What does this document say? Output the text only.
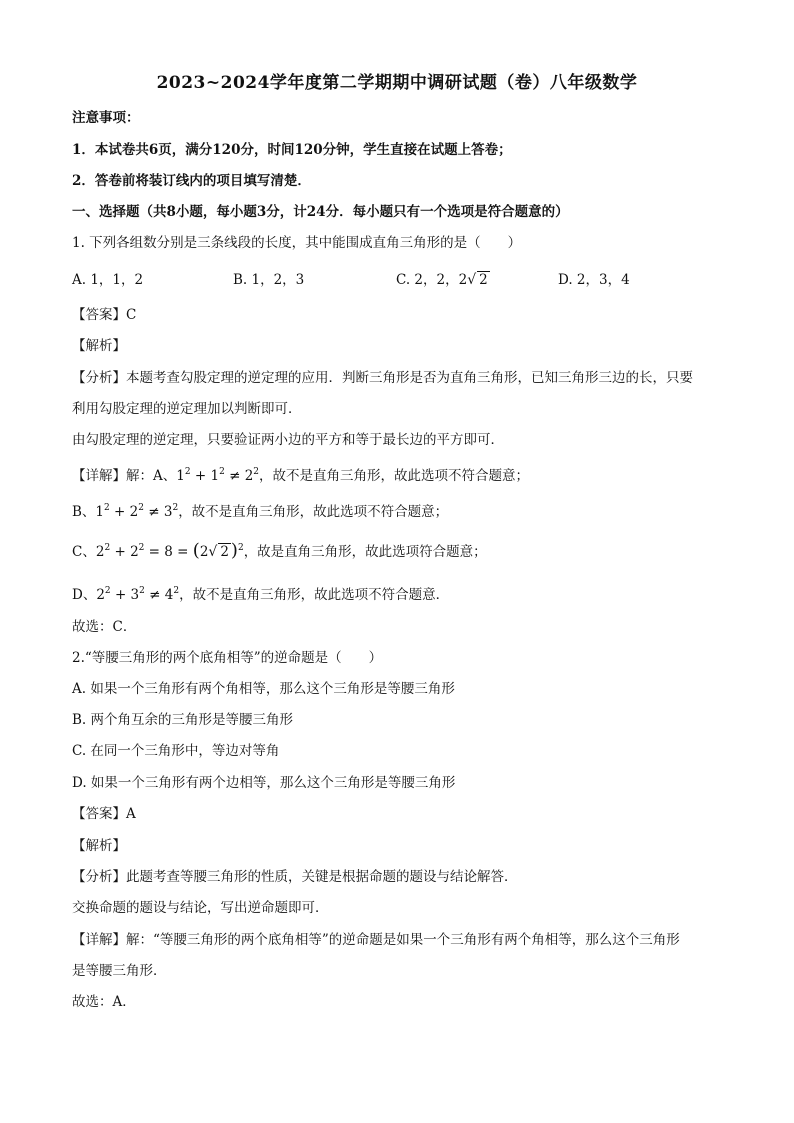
2023~2024学年度第二学期期中调研试题（卷）八年级数学
注意事项：
1．本试卷共6页，满分120分，时间120分钟，学生直接在试题上答卷；
2．答卷前将装订线内的项目填写清楚．
一、选择题（共8小题，每小题3分，计24分．每小题只有一个选项是符合题意的）
1. 下列各组数分别是三条线段的长度，其中能围成直角三角形的是（　　）
A. 1，1，2	B. 1，2，3	C. 2，2，2√ 2	D. 2，3，4
【答案】C
【解析】
【分析】本题考查勾股定理的逆定理的应用．判断三角形是否为直角三角形，已知三角形三边的长，只要
利用勾股定理的逆定理加以判断即可．
由勾股定理的逆定理，只要验证两小边的平方和等于最长边的平方即可．
【详解】解：A、$1^2 + 1^2 \ne 2^2$，故不是直角三角形，故此选项不符合题意；
B、$1^2 + 2^2 \ne 3^2$，故不是直角三角形，故此选项不符合题意；
C、$2^2 + 2^2 = 8 = (2√$ 2 )$^2$，故是直角三角形，故此选项符合题意；
D、$2^2 + 3^2 \ne 4^2$，故不是直角三角形，故此选项不符合题意．
故选：C．
2.“等腰三角形的两个底角相等”的逆命题是（　　）
A. 如果一个三角形有两个角相等，那么这个三角形是等腰三角形
B. 两个角互余的三角形是等腰三角形
C. 在同一个三角形中，等边对等角
D. 如果一个三角形有两个边相等，那么这个三角形是等腰三角形
【答案】A
【解析】
【分析】此题考查等腰三角形的性质，关键是根据命题的题设与结论解答．
交换命题的题设与结论，写出逆命题即可．
【详解】解：“等腰三角形的两个底角相等”的逆命题是如果一个三角形有两个角相等，那么这个三角形
是等腰三角形．
故选：A．
